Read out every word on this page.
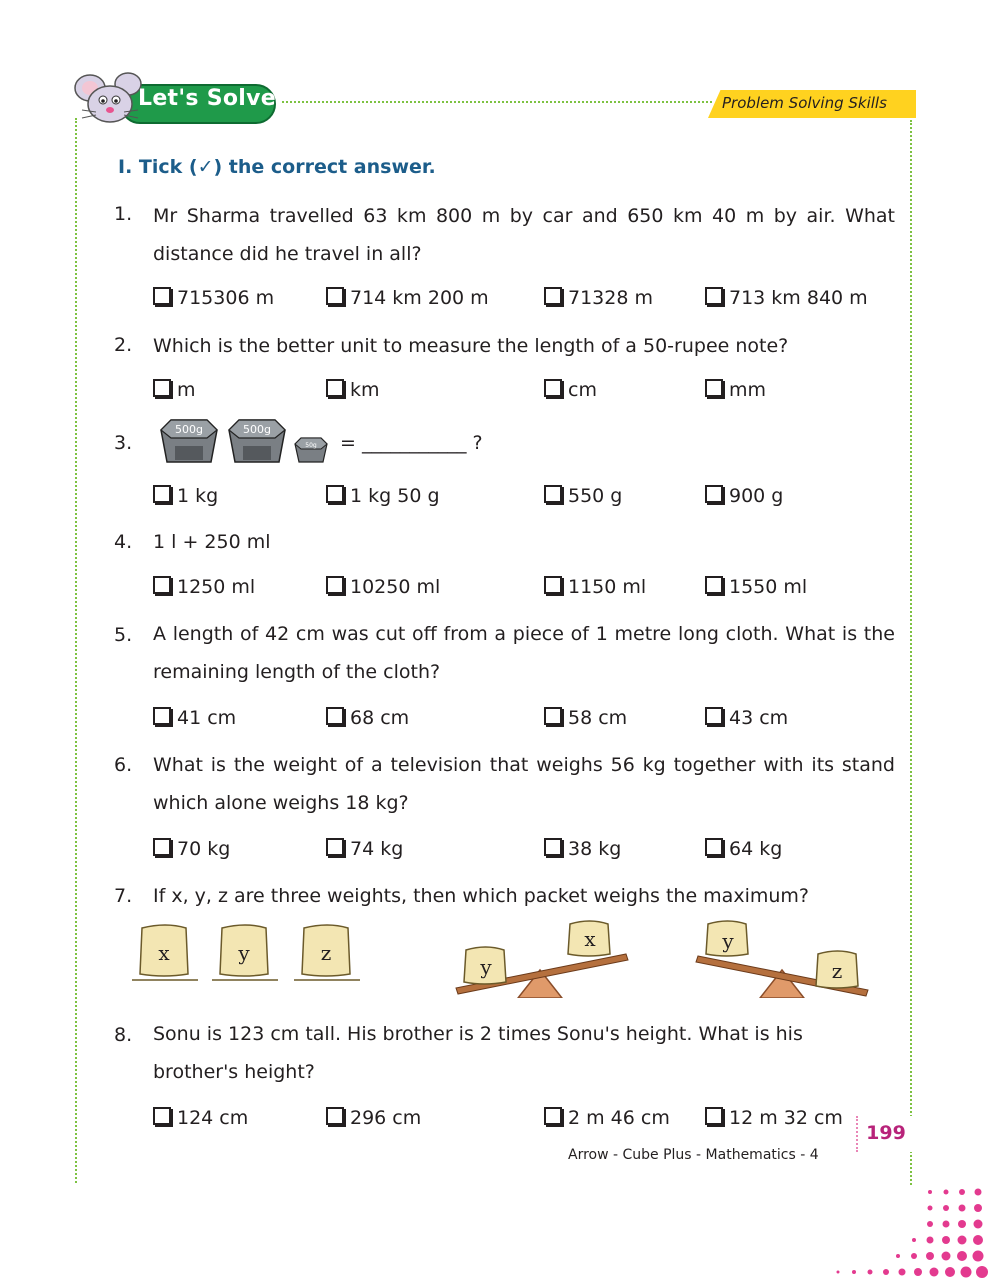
Let's Solve	Problem Solving Skills
I. Tick (✓) the correct answer.
1. Mr Sharma travelled 63 km 800 m by car and 650 km 40 m by air. What distance did he travel in all?
715306 m	714 km 200 m	71328 m	713 km 840 m
2. Which is the better unit to measure the length of a 50-rupee note?
m	km	cm	mm
3.
500g	500g
50g = ___________ ?
1 kg	1 kg 50 g	550 g	900 g
4. 1 l + 250 ml
1250 ml	10250 ml	1150 ml	1550 ml
5. A length of 42 cm was cut off from a piece of 1 metre long cloth. What is the remaining length of the cloth?
41 cm	68 cm	58 cm	43 cm
6. What is the weight of a television that weighs 56 kg together with its stand which alone weighs 18 kg?
70 kg	74 kg	38 kg	64 kg
7. If x, y, z are three weights, then which packet weighs the maximum?
x	y	z
y
x	y
z
8. Sonu is 123 cm tall. His brother is 2 times Sonu's height. What is his brother's height?
124 cm	296 cm	2 m 46 cm	12 m 32 cm
Arrow - Cube Plus - Mathematics - 4
199
